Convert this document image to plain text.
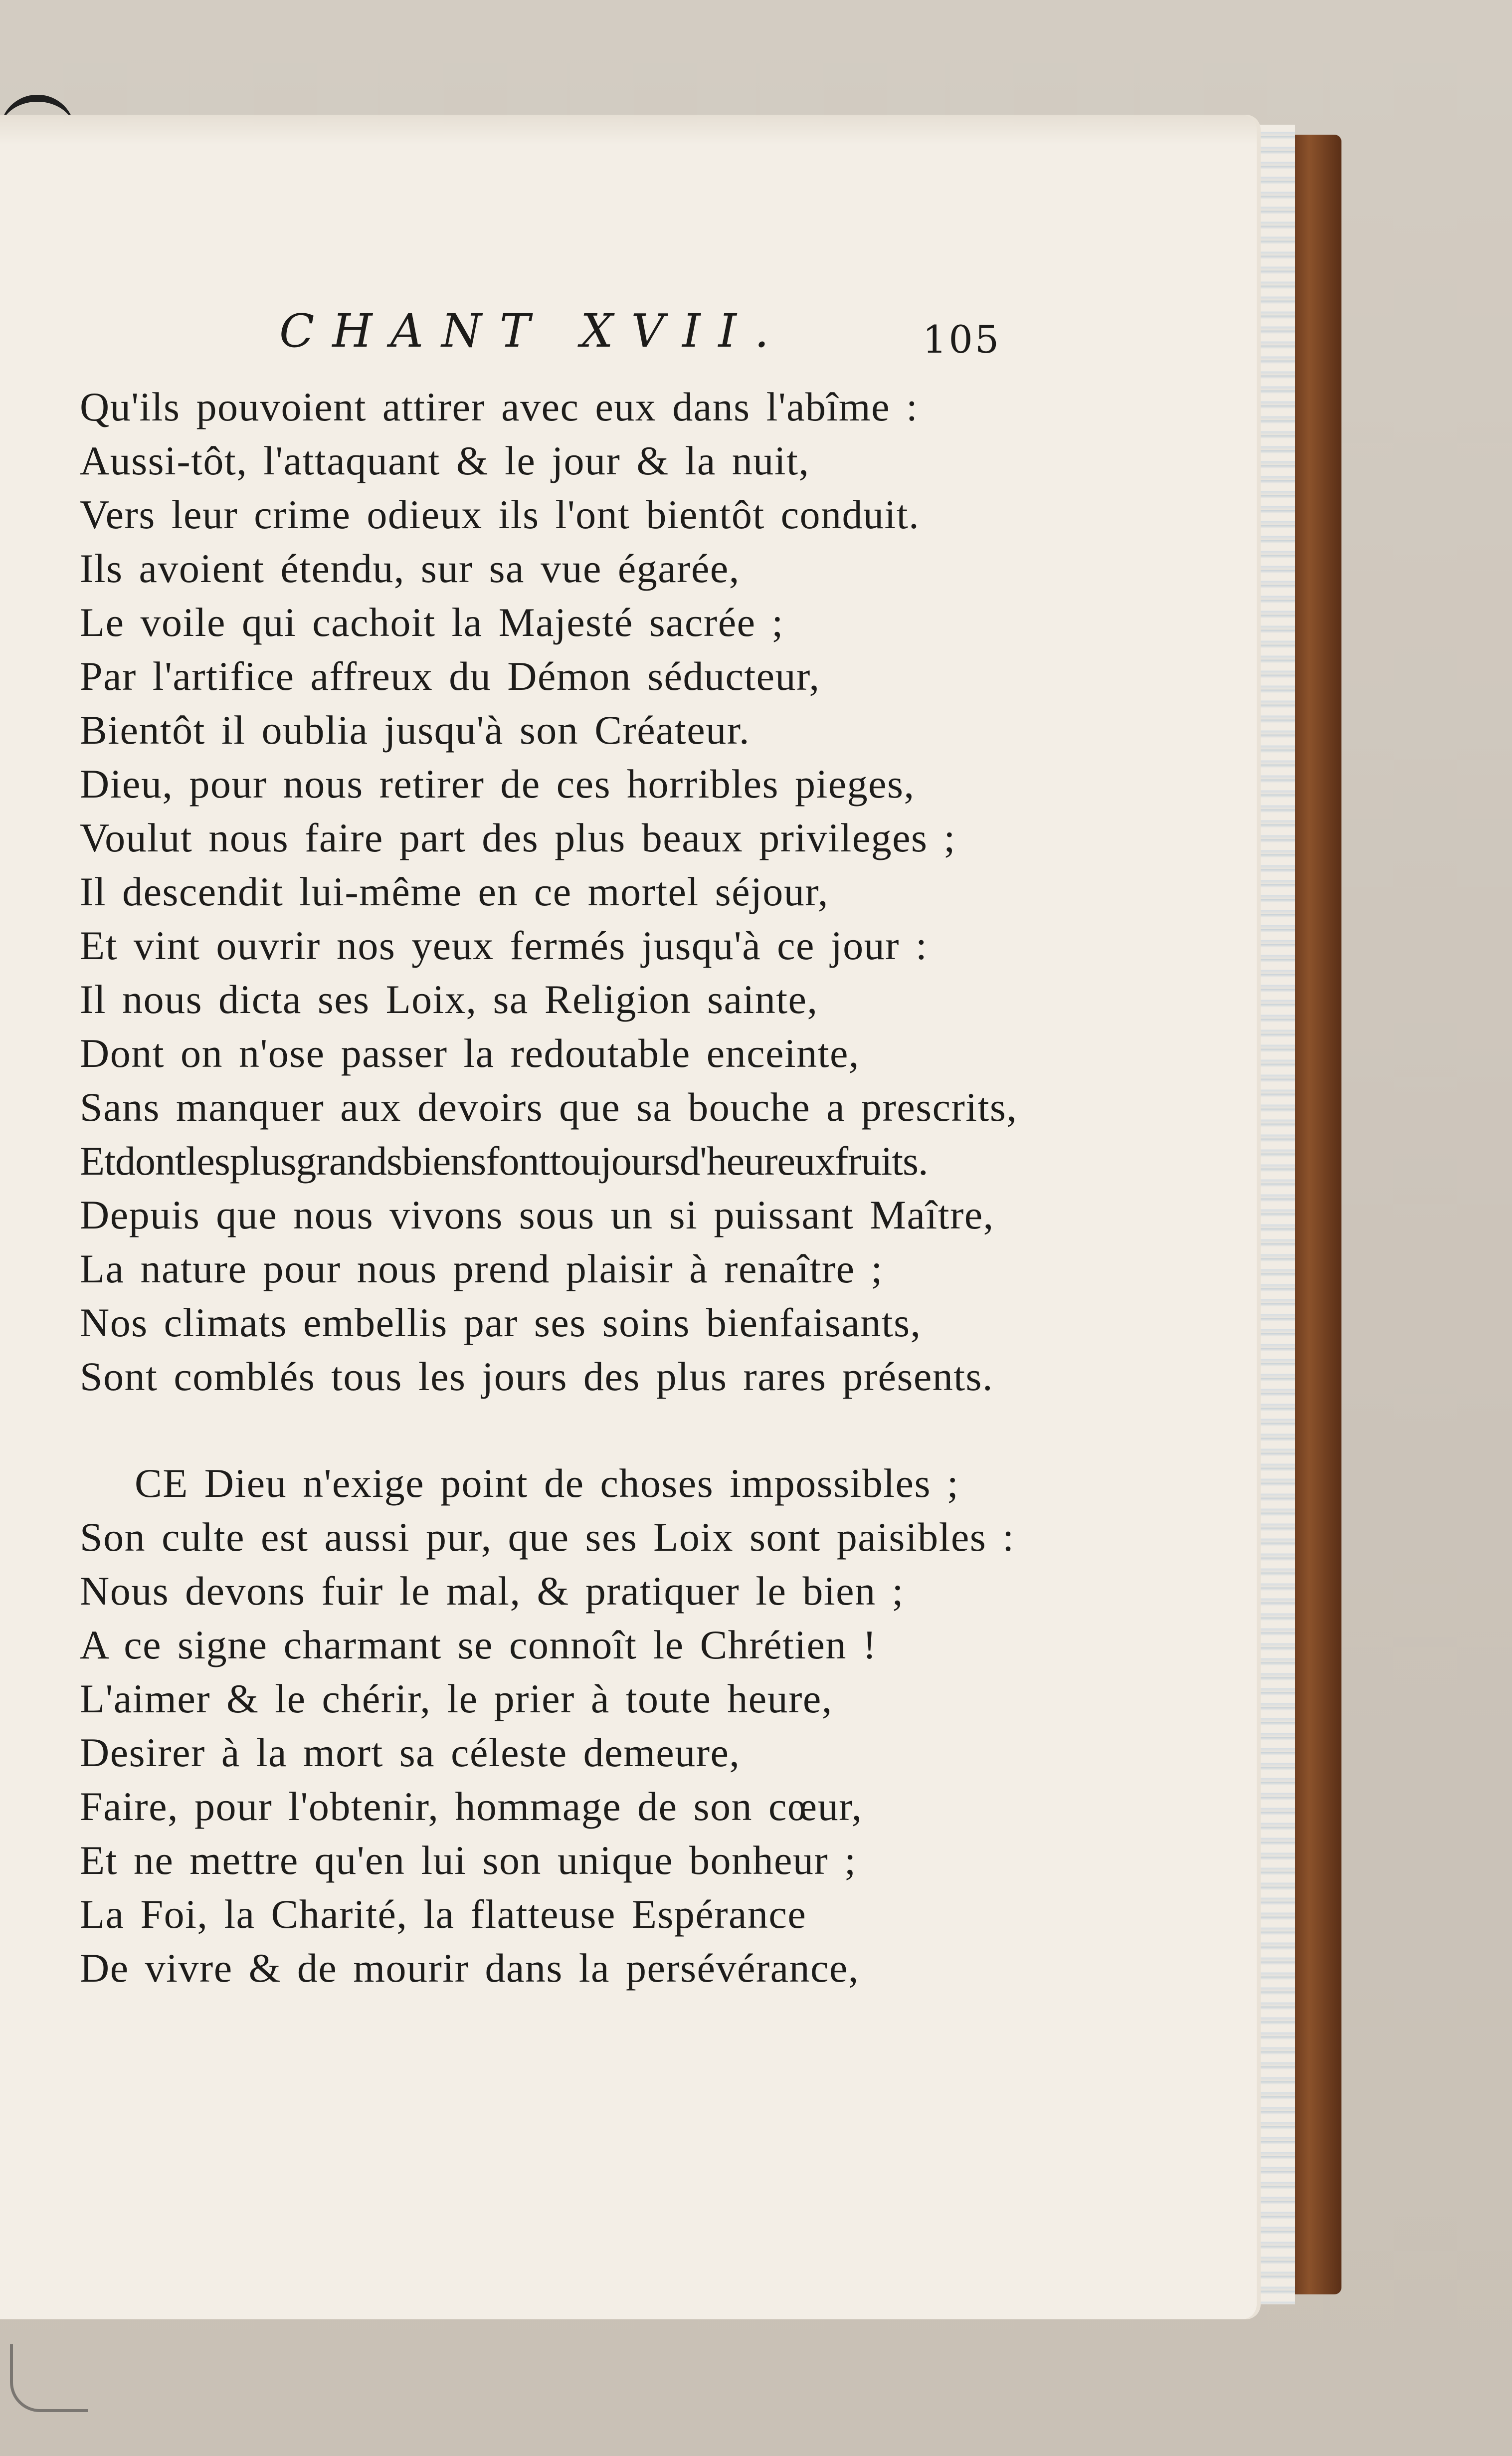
CHANT XVII.	105
Qu'ils pouvoient attirer avec eux dans l'abîme :
Aussi-tôt, l'attaquant & le jour & la nuit,
Vers leur crime odieux ils l'ont bientôt conduit.
Ils avoient étendu, sur sa vue égarée,
Le voile qui cachoit la Majesté sacrée ;
Par l'artifice affreux du Démon séducteur,
Bientôt il oublia jusqu'à son Créateur.
Dieu, pour nous retirer de ces horribles pieges,
Voulut nous faire part des plus beaux privileges ;
Il descendit lui-même en ce mortel séjour,
Et vint ouvrir nos yeux fermés jusqu'à ce jour :
Il nous dicta ses Loix, sa Religion sainte,
Dont on n'ose passer la redoutable enceinte,
Sans manquer aux devoirs que sa bouche a prescrits,
Etdontlesplusgrandsbiensfonttoujoursd'heureuxfruits.
Depuis que nous vivons sous un si puissant Maître,
La nature pour nous prend plaisir à renaître ;
Nos climats embellis par ses soins bienfaisants,
Sont comblés tous les jours des plus rares présents.
CE Dieu n'exige point de choses impossibles ;
Son culte est aussi pur, que ses Loix sont paisibles :
Nous devons fuir le mal, & pratiquer le bien ;
A ce signe charmant se connoît le Chrétien !
L'aimer & le chérir, le prier à toute heure,
Desirer à la mort sa céleste demeure,
Faire, pour l'obtenir, hommage de son cœur,
Et ne mettre qu'en lui son unique bonheur ;
La Foi, la Charité, la flatteuse Espérance
De vivre & de mourir dans la persévérance,
